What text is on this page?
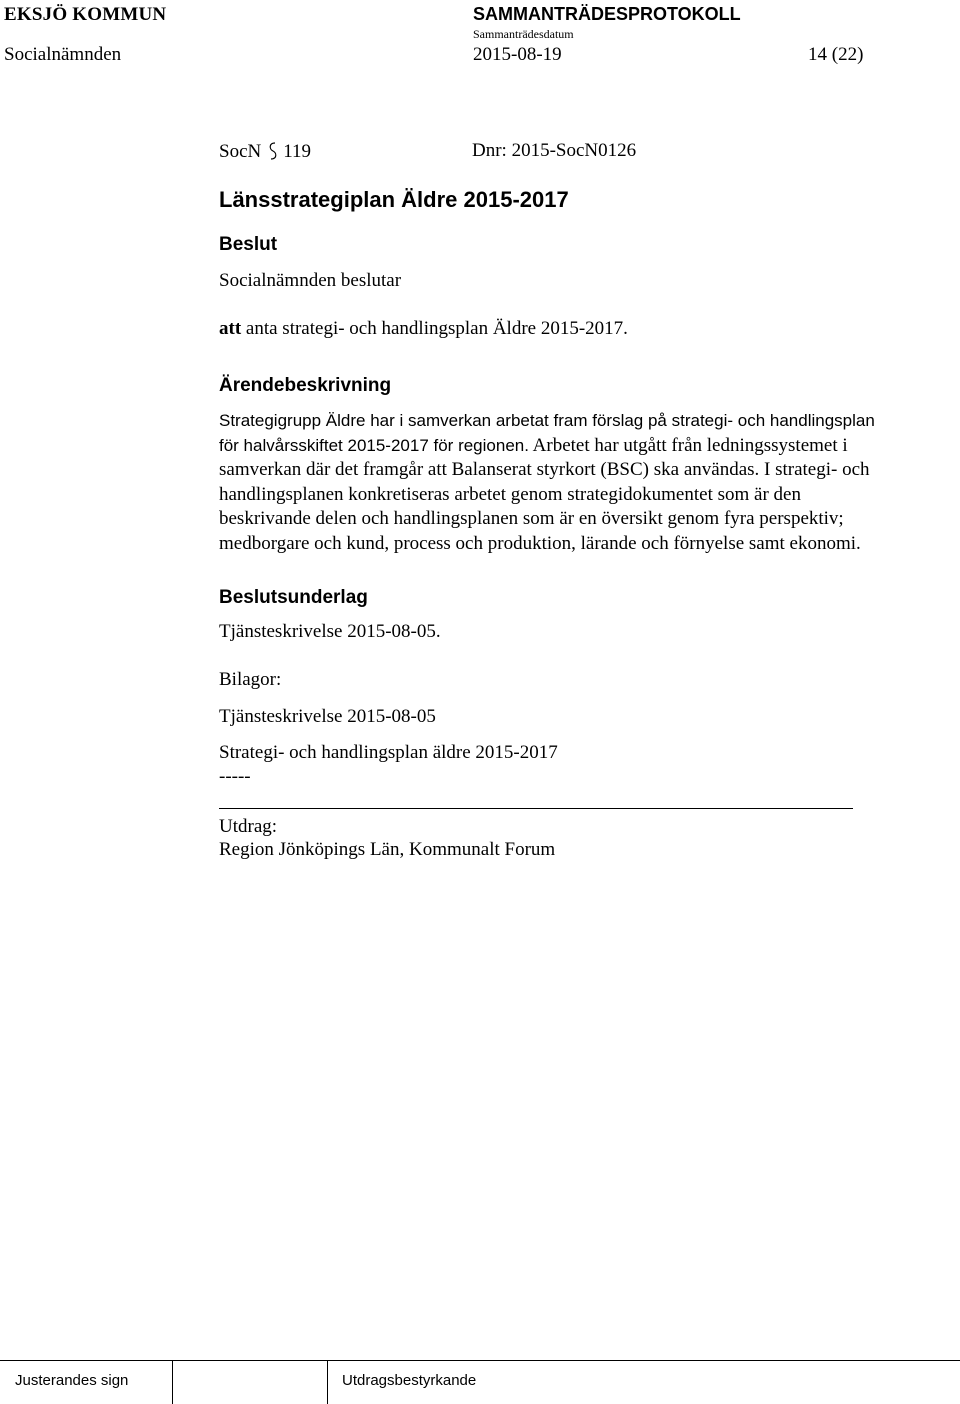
EKSJÖ KOMMUN	SAMMANTRÄDESPROTOKOLL
Sammanträdesdatum
Socialnämnden	2015-08-19	14 (22)
SocN 119	Dnr: 2015-SocN0126
Länsstrategiplan Äldre 2015-2017
Beslut
Socialnämnden beslutar
att anta strategi- och handlingsplan Äldre 2015-2017.
Ärendebeskrivning
Strategigrupp Äldre har i samverkan arbetat fram förslag på strategi- och handlingsplan
för halvårsskiftet 2015-2017 för regionen. Arbetet har utgått från ledningssystemet i
samverkan där det framgår att Balanserat styrkort (BSC) ska användas. I strategi- och
handlingsplanen konkretiseras arbetet genom strategidokumentet som är den
beskrivande delen och handlingsplanen som är en översikt genom fyra perspektiv;
medborgare och kund, process och produktion, lärande och förnyelse samt ekonomi.
Beslutsunderlag
Tjänsteskrivelse 2015-08-05.
Bilagor:
Tjänsteskrivelse 2015-08-05
Strategi- och handlingsplan äldre 2015-2017
-----
Utdrag:
Region Jönköpings Län, Kommunalt Forum
Justerandes sign	Utdragsbestyrkande
